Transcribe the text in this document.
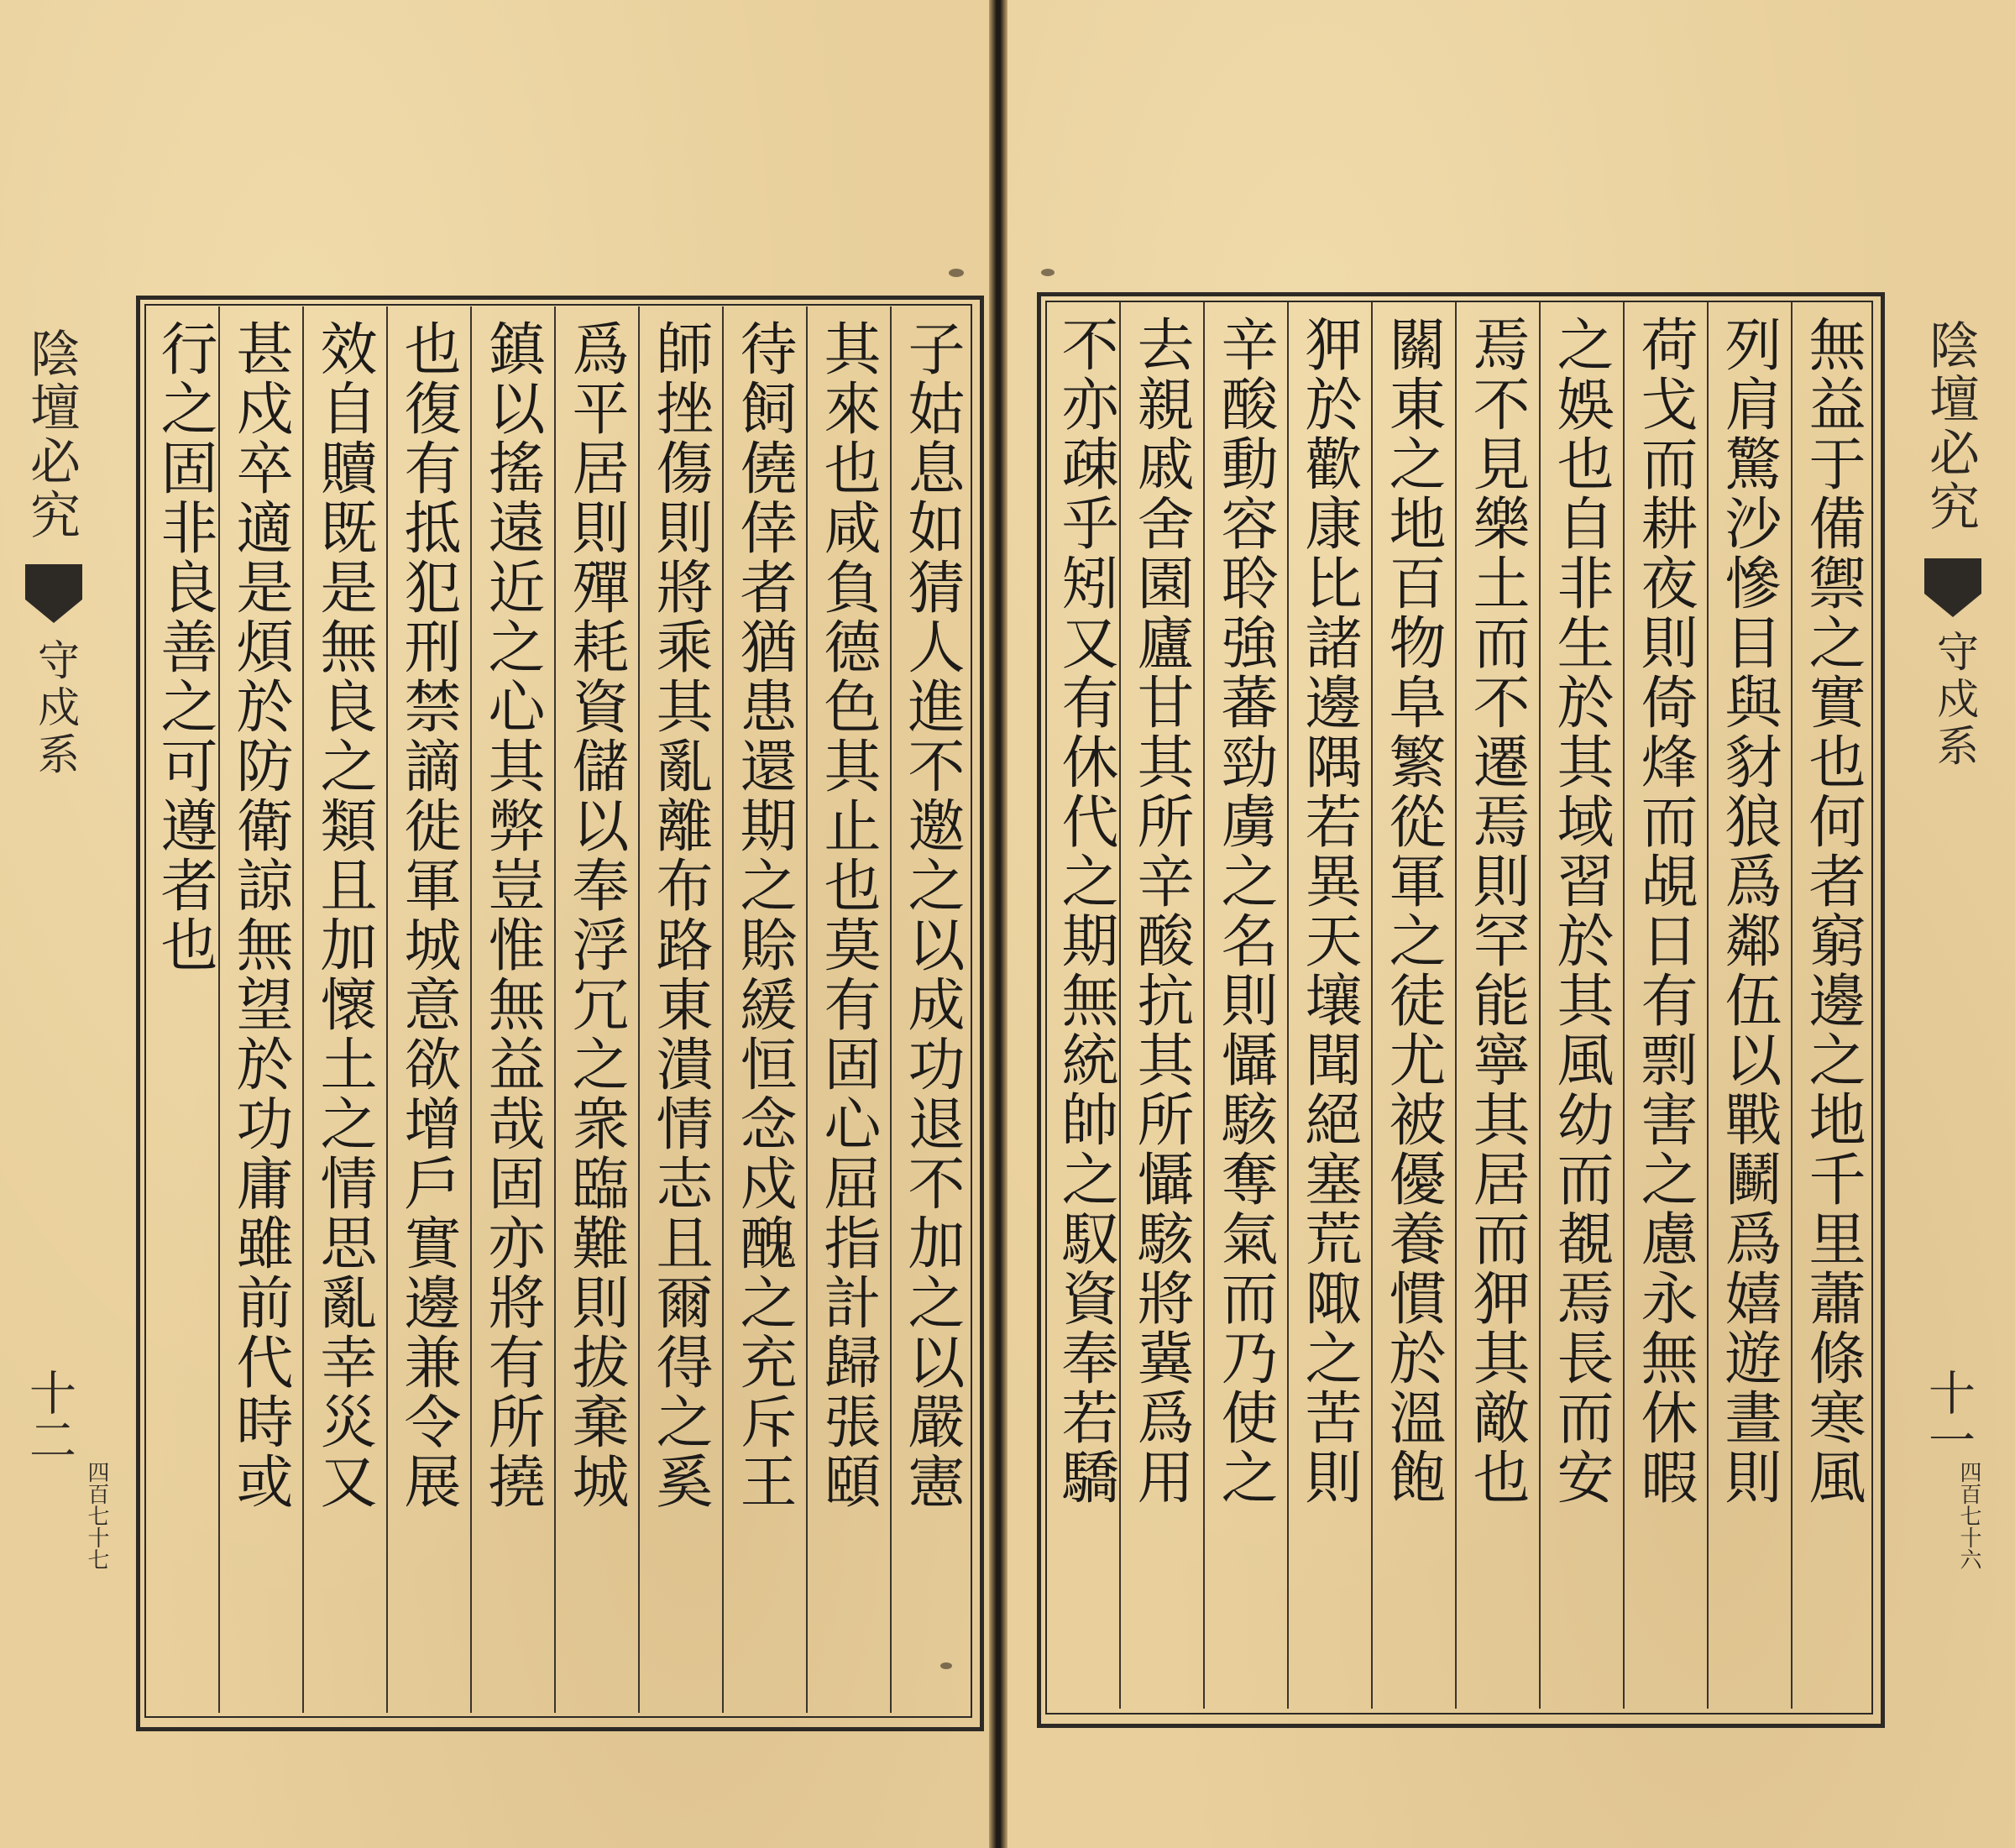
陰壇必究
守戍系
十二
四百七十七
子姑息如猜人進不邀之以成功退不加之以嚴憲
其來也咸負德色其止也莫有固心屈指計歸張頤
待飼僥倖者猶患還期之賒緩恒念戍醜之充斥王
師挫傷則將乘其亂離布路東潰情志且爾得之奚
爲平居則殫耗資儲以奉浮冗之衆臨難則拔棄城
鎮以搖遠近之心其弊豈惟無益哉固亦將有所撓
也復有抵犯刑禁謫徙軍城意欲增戶實邊兼令展
效自贖既是無良之類且加懷土之情思亂幸災又
甚戍卒適是煩於防衛諒無望於功庸雖前代時或
行之固非良善之可遵者也	陰壇必究
守戍系
十一
四百七十六
無益于備禦之實也何者窮邊之地千里蕭條寒風
列肩驚沙慘目與豺狼爲鄰伍以戰鬭爲嬉遊晝則
荷戈而耕夜則倚烽而覘日有剽害之慮永無休暇
之娛也自非生於其域習於其風幼而覩焉長而安
焉不見樂土而不遷焉則罕能寧其居而狎其敵也
關東之地百物阜繁從軍之徒尤被優養慣於溫飽
狎於歡康比諸邊隅若異天壤聞絕塞荒陬之苦則
辛酸動容聆強蕃勁虜之名則懾駭奪氣而乃使之
去親戚舍園廬甘其所辛酸抗其所懾駭將冀爲用
不亦疎乎矧又有休代之期無統帥之馭資奉若驕
